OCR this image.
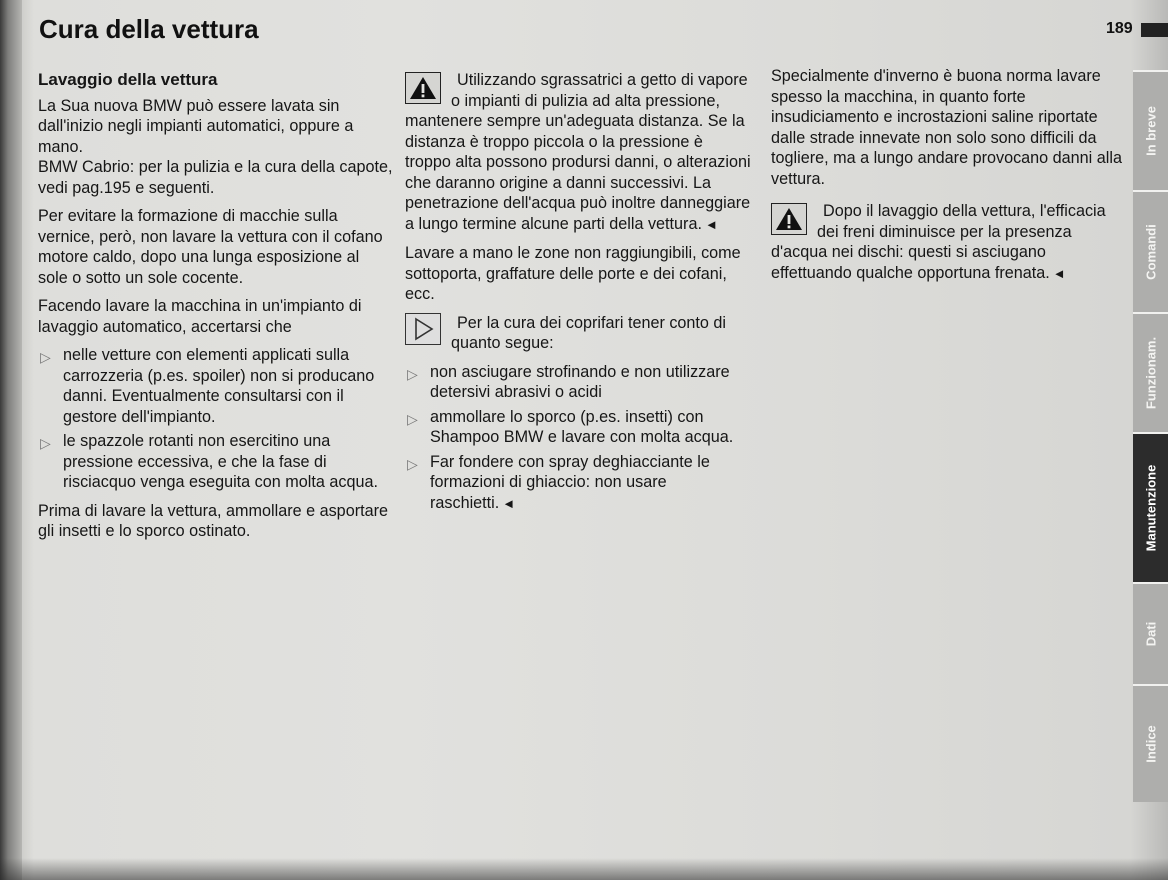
Cura della vettura	189
Lavaggio della vettura

La Sua nuova BMW può essere lavata sin dall'inizio negli impianti automatici, oppure a mano.

BMW Cabrio: per la pulizia e la cura della capote, vedi pag.195 e seguenti.

Per evitare la formazione di macchie sulla vernice, però, non lavare la vettura con il cofano motore caldo, dopo una lunga esposizione al sole o sotto un sole cocente.

Facendo lavare la macchina in un'impianto di lavaggio automatico, accertarsi che

▷ nelle vetture con elementi applicati sulla carrozzeria (p.es. spoiler) non si producano danni. Eventualmente consultarsi con il gestore dell'impianto.
▷ le spazzole rotanti non esercitino una pressione eccessiva, e che la fase di risciacquo venga eseguita con molta acqua.

Prima di lavare la vettura, ammollare e asportare gli insetti e lo sporco ostinato.

Utilizzando sgrassatrici a getto di vapore o impianti di pulizia ad alta pressione, mantenere sempre un'adeguata distanza. Se la distanza è troppo piccola o la pressione è troppo alta possono prodursi danni, o alterazioni che daranno origine a danni successivi. La penetrazione dell'acqua può inoltre danneggiare a lungo termine alcune parti della vettura. ◄

Lavare a mano le zone non raggiungibili, come sottoporta, graffature delle porte e dei cofani, ecc.

Per la cura dei coprifari tener conto di quanto segue:

▷ non asciugare strofinando e non utilizzare detersivi abrasivi o acidi
▷ ammollare lo sporco (p.es. insetti) con Shampoo BMW e lavare con molta acqua.
▷ Far fondere con spray deghiacciante le formazioni di ghiaccio: non usare raschietti. ◄

Specialmente d'inverno è buona norma lavare spesso la macchina, in quanto forte insudiciamento e incrostazioni saline riportate dalle strade innevate non solo sono difficili da togliere, ma a lungo andare provocano danni alla vettura.

Dopo il lavaggio della vettura, l'efficacia dei freni diminuisce per la presenza d'acqua nei dischi: questi si asciugano effettuando qualche opportuna frenata. ◄

In breve
Comandi
Funzionam.
Manutenzione
Dati
Indice
